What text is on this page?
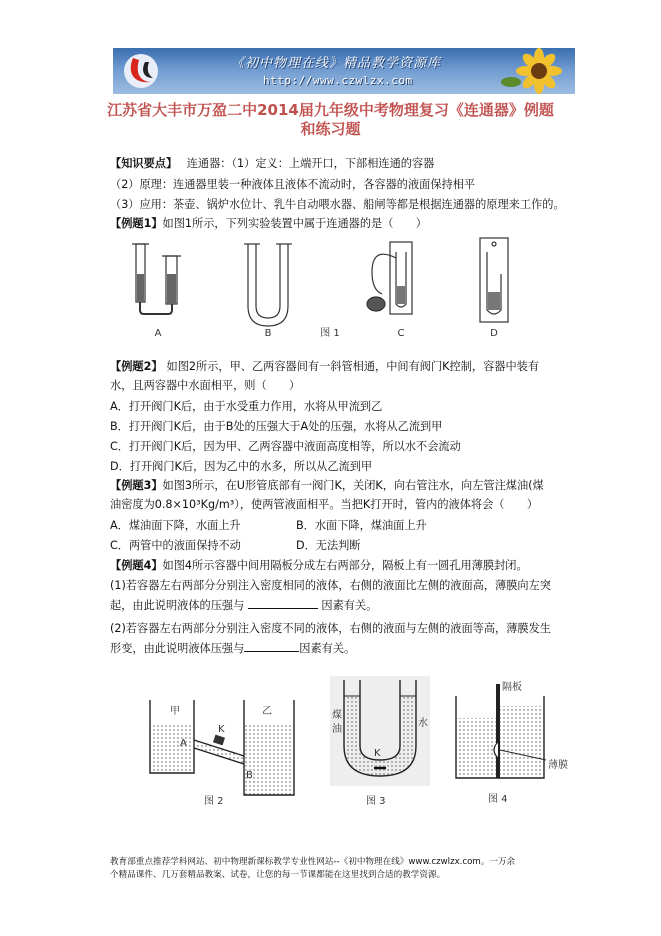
《初中物理在线》精品教学资源库
http://www.czwlzx.com
江苏省大丰市万盈二中2014届九年级中考物理复习《连通器》例题
和练习题
【知识要点】 连通器：（1）定义：上端开口，下部相连通的容器
（2）原理：连通器里装一种液体且液体不流动时，各容器的液面保持相平
（3）应用：茶壶、锅炉水位计、乳牛自动喂水器、船闸等都是根据连通器的原理来工作的。
【例题1】如图1所示，下列实验装置中属于连通器的是（　　）
A	B	C	D
图 1
【例题2】 如图2所示，甲、乙两容器间有一斜管相通，中间有阀门K控制，容器中装有
水，且两容器中水面相平，则（　　）
A．打开阀门K后，由于水受重力作用，水将从甲流到乙
B．打开阀门K后，由于B处的压强大于A处的压强，水将从乙流到甲
C．打开阀门K后，因为甲、乙两容器中液面高度相等，所以水不会流动
D．打开阀门K后，因为乙中的水多，所以从乙流到甲
【例题3】如图3所示，在U形管底部有一阀门K，关闭K，向右管注水，向左管注煤油(煤
油密度为0.8×10³Kg/m³），使两管液面相平。当把K打开时，管内的液体将会（　　）
A．煤油面下降，水面上升	B．水面下降，煤油面上升
C．两管中的液面保持不动	D．无法判断
【例题4】如图4所示容器中间用隔板分成左右两部分，隔板上有一圆孔用薄膜封闭。
(1)若容器左右两部分分别注入密度相同的液体，右侧的液面比左侧的液面高，薄膜向左突
起，由此说明液体的压强与	因素有关。
(2)若容器左右两部分分别注入密度不同的液体，右侧的液面与左侧的液面等高，薄膜发生
形变，由此说明液体压强与	因素有关。
K
甲	乙
A
B
图 2
K
煤
油
水
图 3
隔板
薄膜
图 4
教育部重点推荐学科网站、初中物理新课标教学专业性网站--《初中物理在线》www.czwlzx.com。一万余
个精品课件、几万套精品教案、试卷，让您的每一节课都能在这里找到合适的教学资源。
